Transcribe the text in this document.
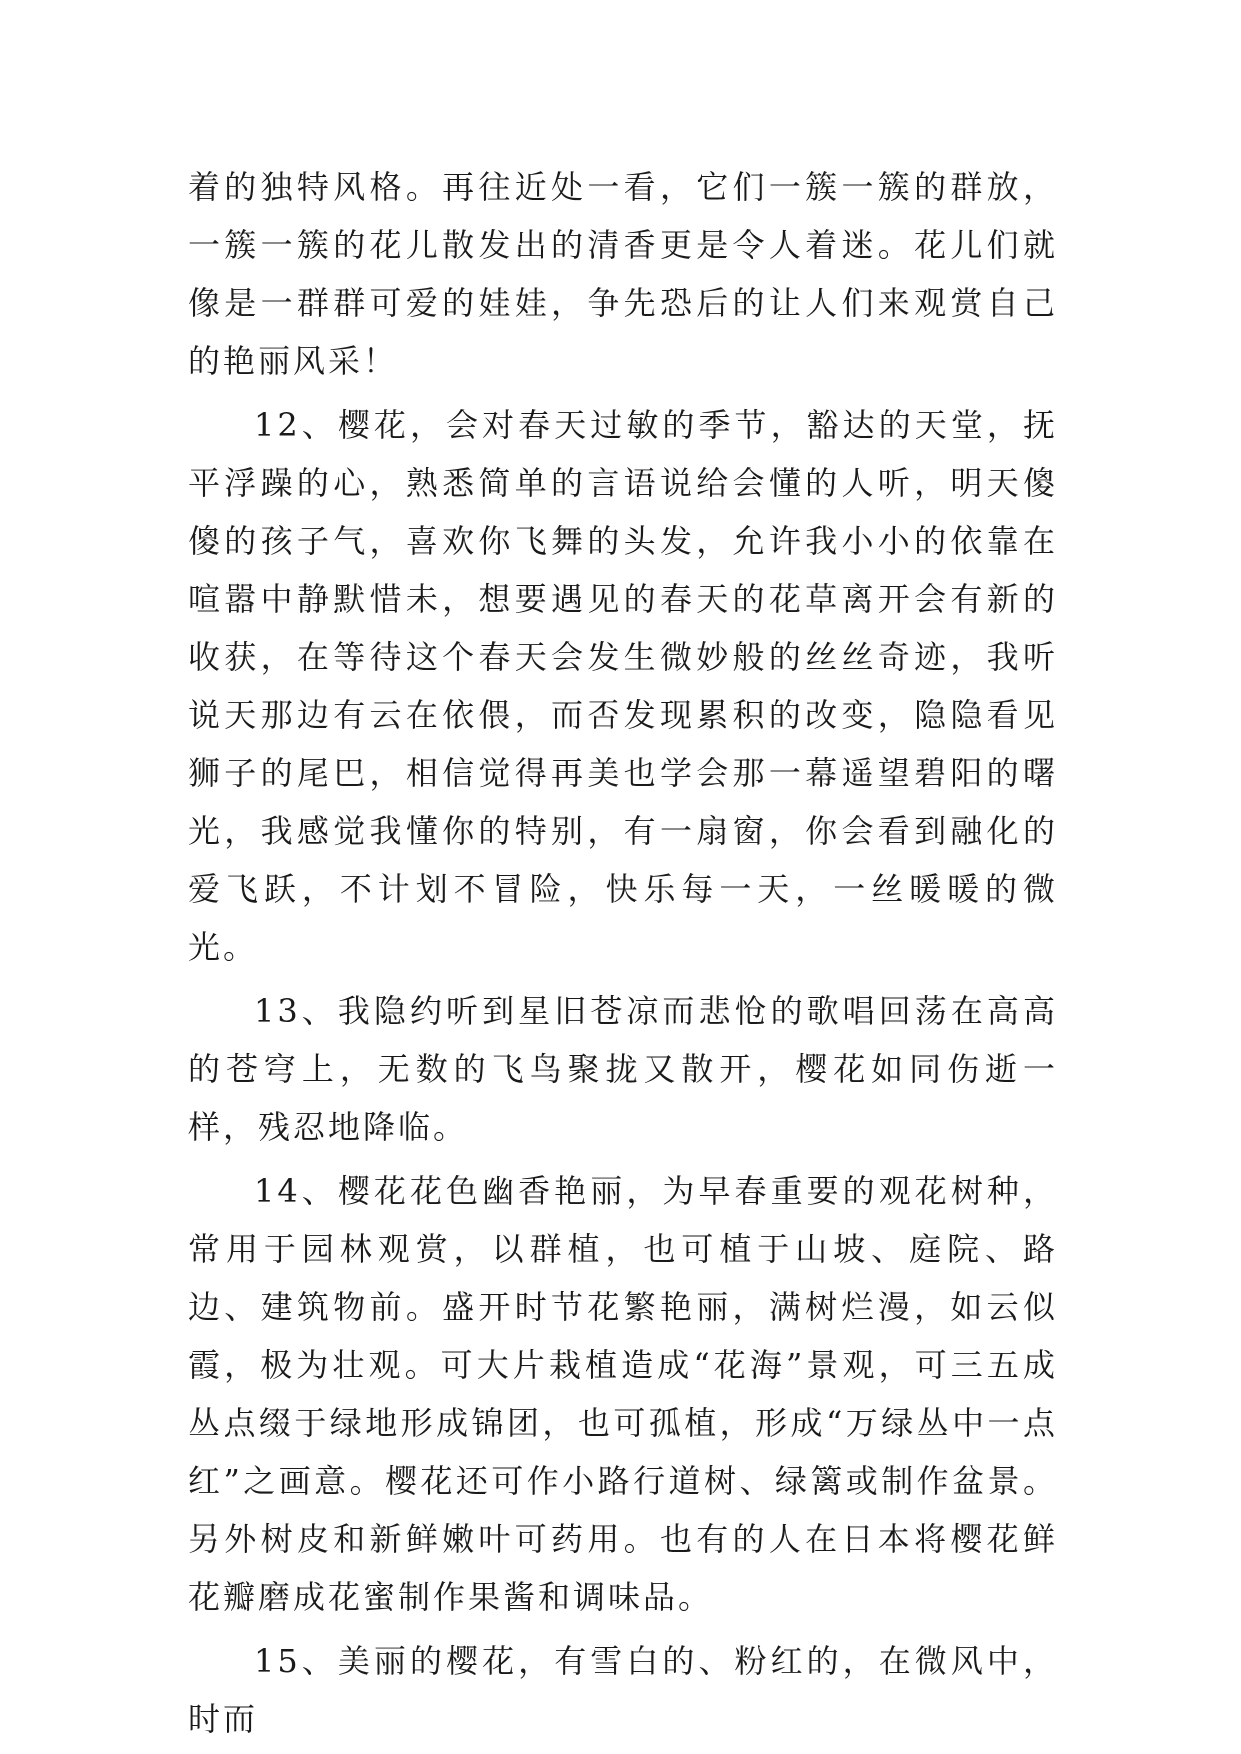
着的独特风格。再往近处一看，它们一簇一簇的群放，一簇一簇的花儿散发出的清香更是令人着迷。花儿们就像是一群群可爱的娃娃，争先恐后的让人们来观赏自己的艳丽风采！

12、樱花，会对春天过敏的季节，豁达的天堂，抚平浮躁的心，熟悉简单的言语说给会懂的人听，明天傻傻的孩子气，喜欢你飞舞的头发，允许我小小的依靠在喧嚣中静默惜未，想要遇见的春天的花草离开会有新的收获，在等待这个春天会发生微妙般的丝丝奇迹，我听说天那边有云在依偎，而否发现累积的改变，隐隐看见狮子的尾巴，相信觉得再美也学会那一幕遥望碧阳的曙光，我感觉我懂你的特别，有一扇窗，你会看到融化的爱飞跃，不计划不冒险，快乐每一天，一丝暖暖的微光。

13、我隐约听到星旧苍凉而悲怆的歌唱回荡在高高的苍穹上，无数的飞鸟聚拢又散开，樱花如同伤逝一样，残忍地降临。

14、樱花花色幽香艳丽，为早春重要的观花树种，常用于园林观赏，以群植，也可植于山坡、庭院、路边、建筑物前。盛开时节花繁艳丽，满树烂漫，如云似霞，极为壮观。可大片栽植造成“花海”景观，可三五成丛点缀于绿地形成锦团，也可孤植，形成“万绿丛中一点红”之画意。樱花还可作小路行道树、绿篱或制作盆景。另外树皮和新鲜嫩叶可药用。也有的人在日本将樱花鲜花瓣磨成花蜜制作果酱和调味品。

15、美丽的樱花，有雪白的、粉红的，在微风中，时而
